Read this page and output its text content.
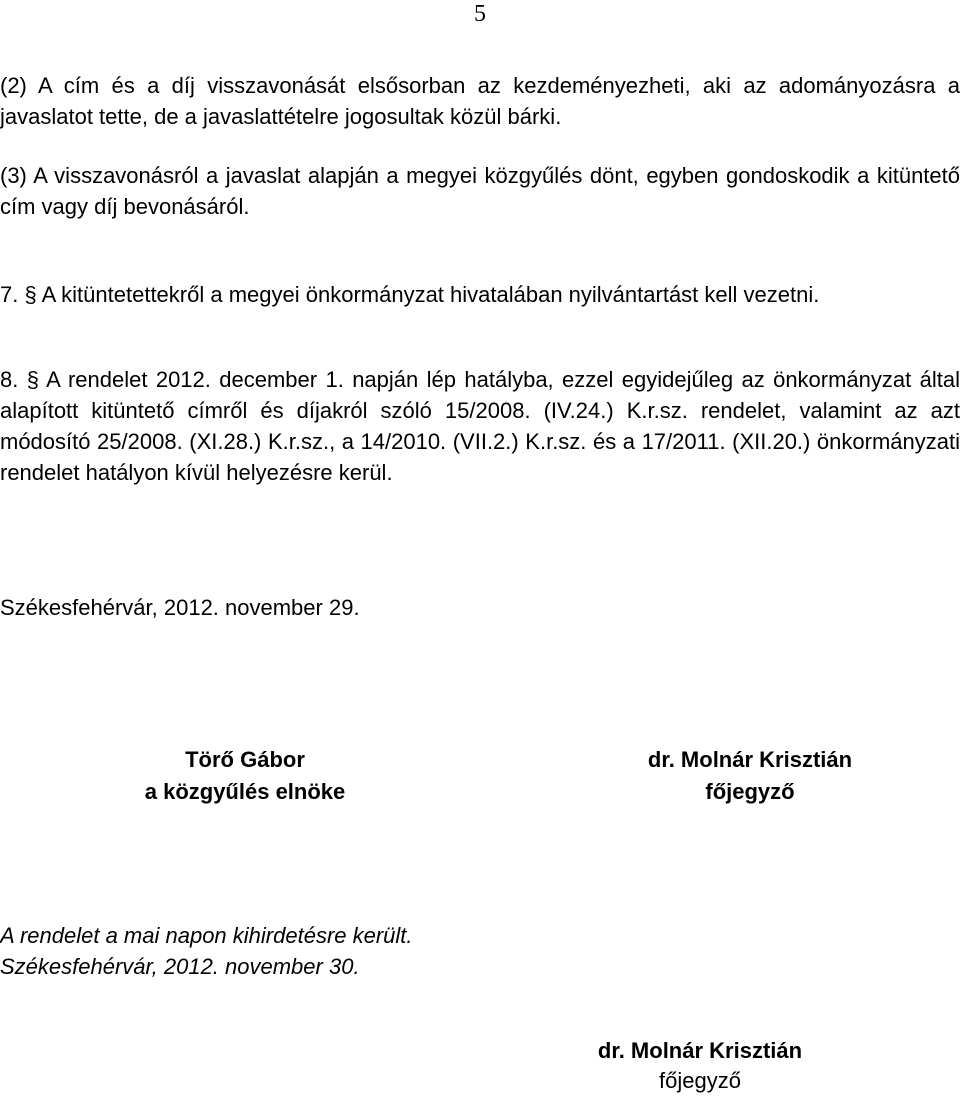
5
(2) A cím és a díj visszavonását elsősorban az kezdeményezheti, aki az adományozásra a javaslatot tette, de a javaslattételre jogosultak közül bárki.
(3) A visszavonásról a javaslat alapján a megyei közgyűlés dönt, egyben gondoskodik a kitüntető cím vagy díj bevonásáról.
7. § A kitüntetettekről a megyei önkormányzat hivatalában nyilvántartást kell vezetni.
8. § A rendelet 2012. december 1. napján lép hatályba, ezzel egyidejűleg az önkormányzat által alapított kitüntető címről és díjakról szóló 15/2008. (IV.24.) K.r.sz. rendelet, valamint az azt módosító 25/2008. (XI.28.) K.r.sz., a 14/2010. (VII.2.) K.r.sz. és a 17/2011. (XII.20.) önkormányzati rendelet hatályon kívül helyezésre kerül.
Székesfehérvár, 2012. november 29.
Törő Gábor
a közgyűlés elnöke
dr. Molnár Krisztián
főjegyző
A rendelet a mai napon kihirdetésre került.
Székesfehérvár, 2012. november 30.
dr. Molnár Krisztián
főjegyző
